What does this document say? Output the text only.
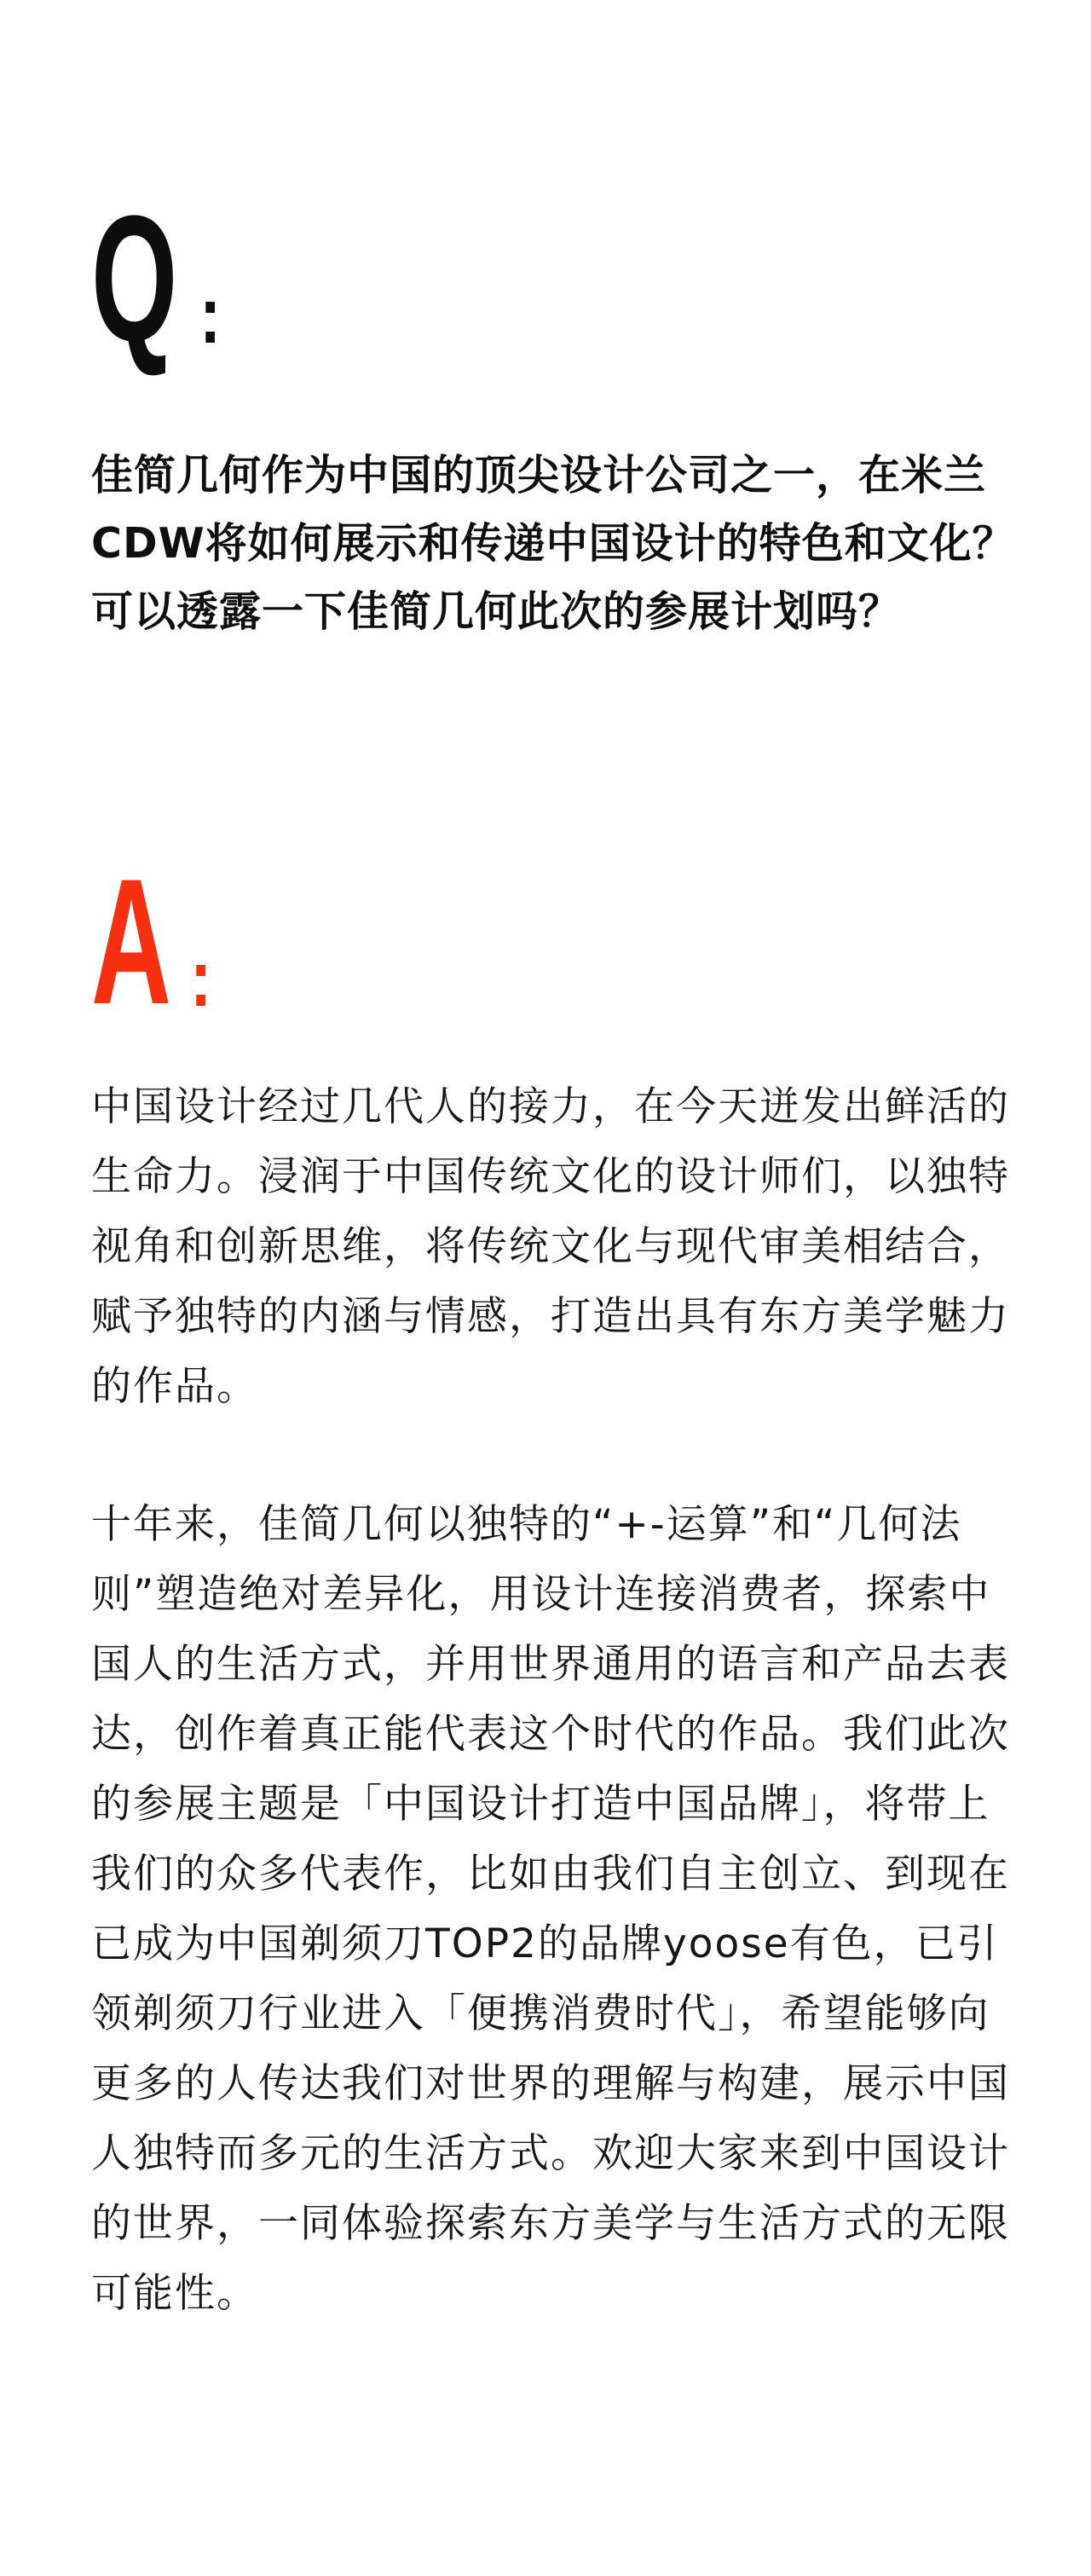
Q :

佳简几何作为中国的顶尖设计公司之一，在米兰CDW将如何展示和传递中国设计的特色和文化？可以透露一下佳简几何此次的参展计划吗？

A :

中国设计经过几代人的接力，在今天迸发出鲜活的生命力。浸润于中国传统文化的设计师们，以独特视角和创新思维，将传统文化与现代审美相结合，赋予独特的内涵与情感，打造出具有东方美学魅力的作品。

十年来，佳简几何以独特的“+-运算”和“几何法则”塑造绝对差异化，用设计连接消费者，探索中国人的生活方式，并用世界通用的语言和产品去表达，创作着真正能代表这个时代的作品。我们此次的参展主题是「中国设计打造中国品牌」，将带上我们的众多代表作，比如由我们自主创立、到现在已成为中国剃须刀TOP2的品牌yoose有色，已引领剃须刀行业进入「便携消费时代」，希望能够向更多的人传达我们对世界的理解与构建，展示中国人独特而多元的生活方式。欢迎大家来到中国设计的世界，一同体验探索东方美学与生活方式的无限可能性。
